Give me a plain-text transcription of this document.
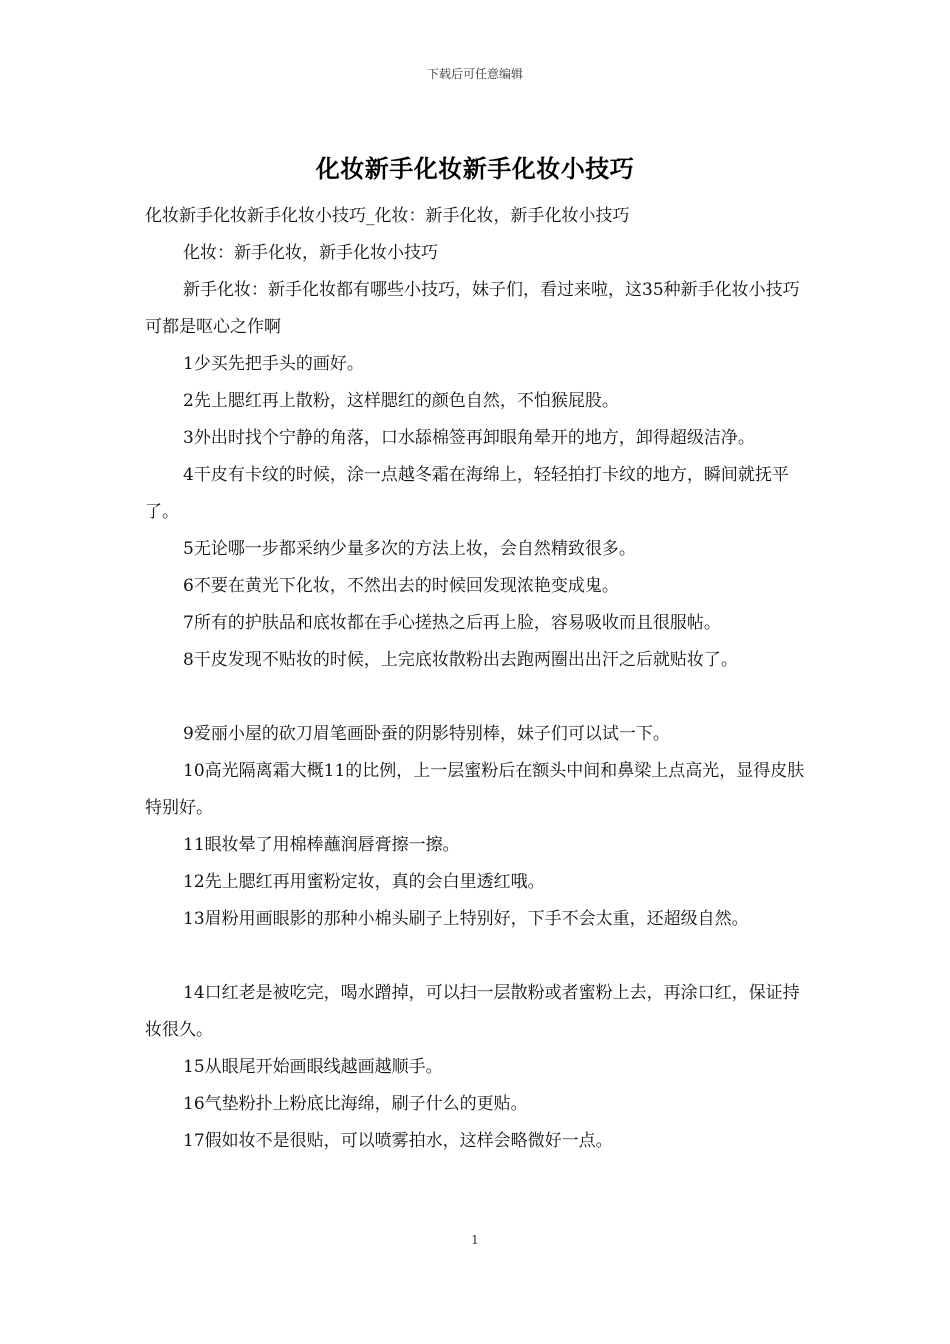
下载后可任意编辑
化妆新手化妆新手化妆小技巧

化妆新手化妆新手化妆小技巧_化妆：新手化妆，新手化妆小技巧

化妆：新手化妆，新手化妆小技巧

新手化妆：新手化妆都有哪些小技巧，妹子们，看过来啦，这35种新手化妆小技巧可都是呕心之作啊

1少买先把手头的画好。

2先上腮红再上散粉，这样腮红的颜色自然，不怕猴屁股。

3外出时找个宁静的角落，口水舔棉签再卸眼角晕开的地方，卸得超级洁净。

4干皮有卡纹的时候，涂一点越冬霜在海绵上，轻轻拍打卡纹的地方，瞬间就抚平了。

5无论哪一步都采纳少量多次的方法上妆，会自然精致很多。

6不要在黄光下化妆，不然出去的时候回发现浓艳变成鬼。

7所有的护肤品和底妆都在手心搓热之后再上脸，容易吸收而且很服帖。

8干皮发现不贴妆的时候，上完底妆散粉出去跑两圈出出汗之后就贴妆了。

9爱丽小屋的砍刀眉笔画卧蚕的阴影特别棒，妹子们可以试一下。

10高光隔离霜大概11的比例，上一层蜜粉后在额头中间和鼻梁上点高光，显得皮肤特别好。

11眼妆晕了用棉棒蘸润唇膏擦一擦。

12先上腮红再用蜜粉定妆，真的会白里透红哦。

13眉粉用画眼影的那种小棉头刷子上特别好，下手不会太重，还超级自然。

14口红老是被吃完，喝水蹭掉，可以扫一层散粉或者蜜粉上去，再涂口红，保证持妆很久。

15从眼尾开始画眼线越画越顺手。

16气垫粉扑上粉底比海绵，刷子什么的更贴。

17假如妆不是很贴，可以喷雾拍水，这样会略微好一点。

1
